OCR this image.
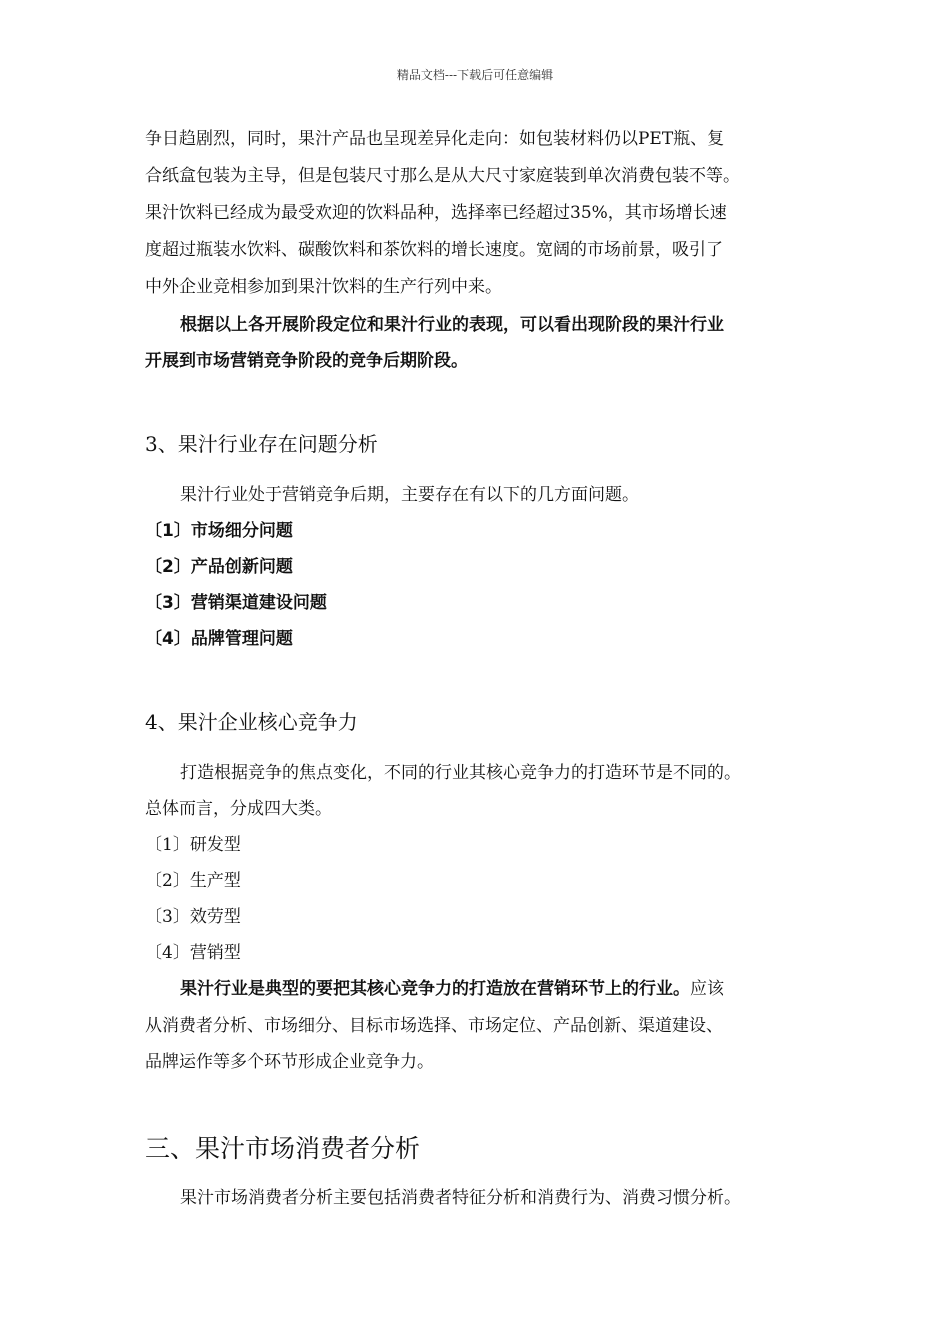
精品文档---下载后可任意编辑
争日趋剧烈，同时，果汁产品也呈现差异化走向：如包装材料仍以PET瓶、复
合纸盒包装为主导，但是包装尺寸那么是从大尺寸家庭装到单次消费包装不等。
果汁饮料已经成为最受欢迎的饮料品种，选择率已经超过35%，其市场增长速
度超过瓶装水饮料、碳酸饮料和茶饮料的增长速度。宽阔的市场前景，吸引了
中外企业竞相参加到果汁饮料的生产行列中来。
根据以上各开展阶段定位和果汁行业的表现，可以看出现阶段的果汁行业
开展到市场营销竞争阶段的竞争后期阶段。
3、果汁行业存在问题分析
果汁行业处于营销竞争后期，主要存在有以下的几方面问题。
〔1〕市场细分问题
〔2〕产品创新问题
〔3〕营销渠道建设问题
〔4〕品牌管理问题
4、果汁企业核心竞争力
打造根据竞争的焦点变化，不同的行业其核心竞争力的打造环节是不同的。
总体而言，分成四大类。
〔1〕研发型
〔2〕生产型
〔3〕效劳型
〔4〕营销型
果汁行业是典型的要把其核心竞争力的打造放在营销环节上的行业。应该
从消费者分析、市场细分、目标市场选择、市场定位、产品创新、渠道建设、
品牌运作等多个环节形成企业竞争力。
三、果汁市场消费者分析
果汁市场消费者分析主要包括消费者特征分析和消费行为、消费习惯分析。
